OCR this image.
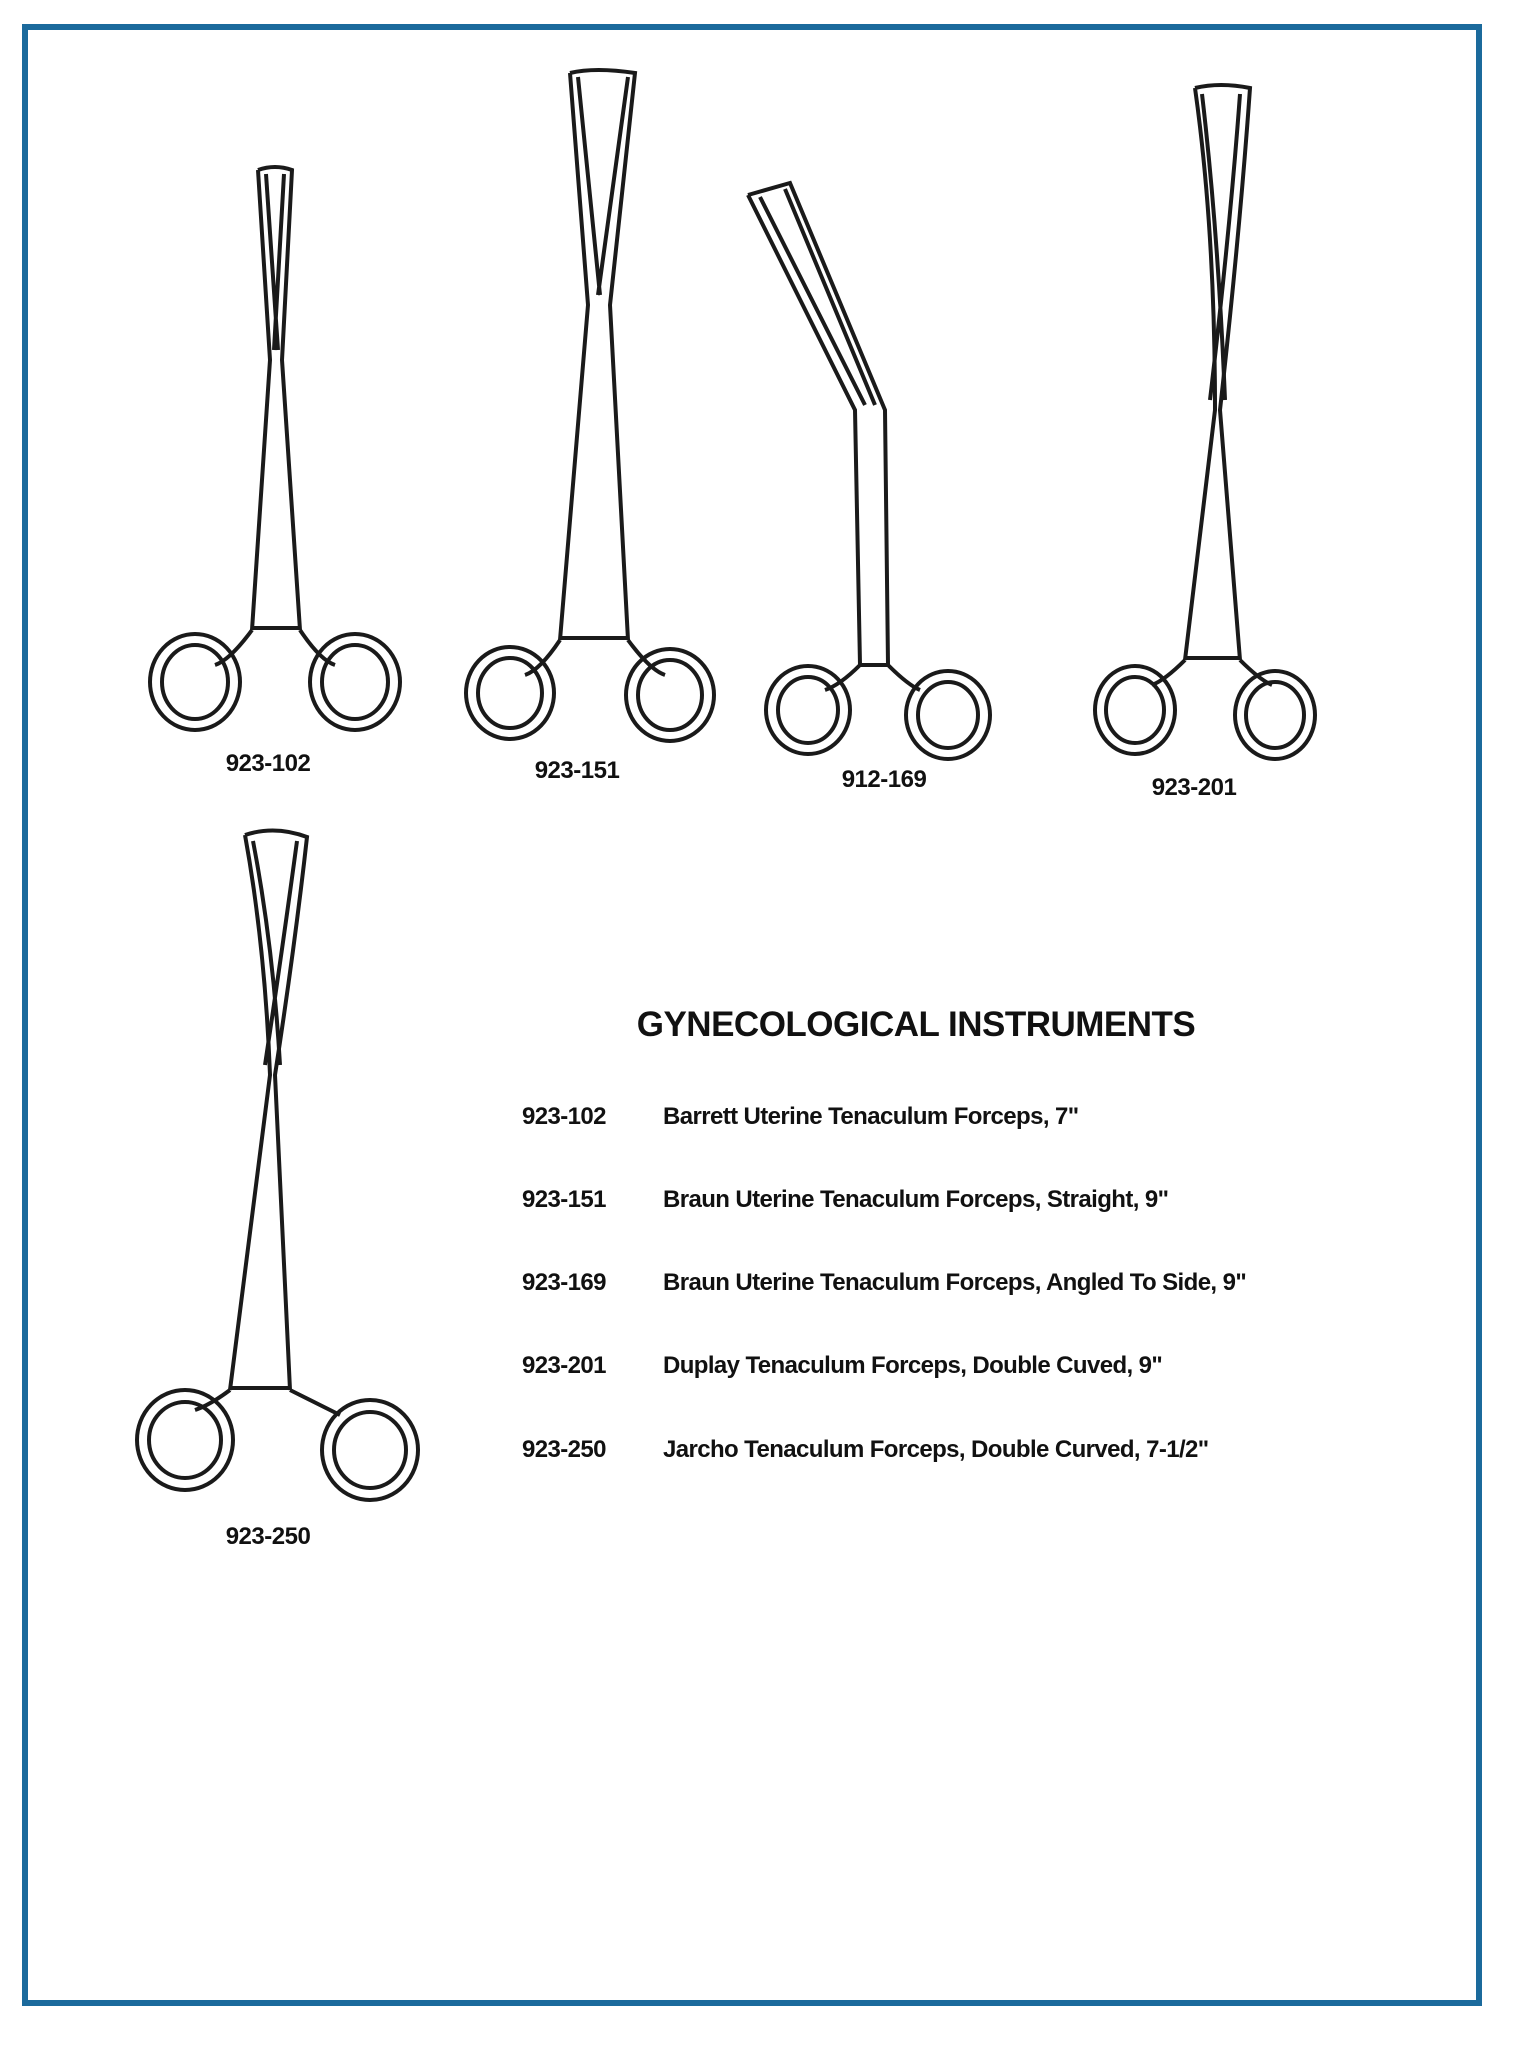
923-102	923-151	912-169	923-201
923-250
GYNECOLOGICAL INSTRUMENTS
923-102 Barrett Uterine Tenaculum Forceps, 7"
923-151 Braun Uterine Tenaculum Forceps, Straight, 9"
923-169 Braun Uterine Tenaculum Forceps, Angled To Side, 9"
923-201 Duplay Tenaculum Forceps, Double Cuved, 9"
923-250 Jarcho Tenaculum Forceps, Double Curved, 7-1/2"
